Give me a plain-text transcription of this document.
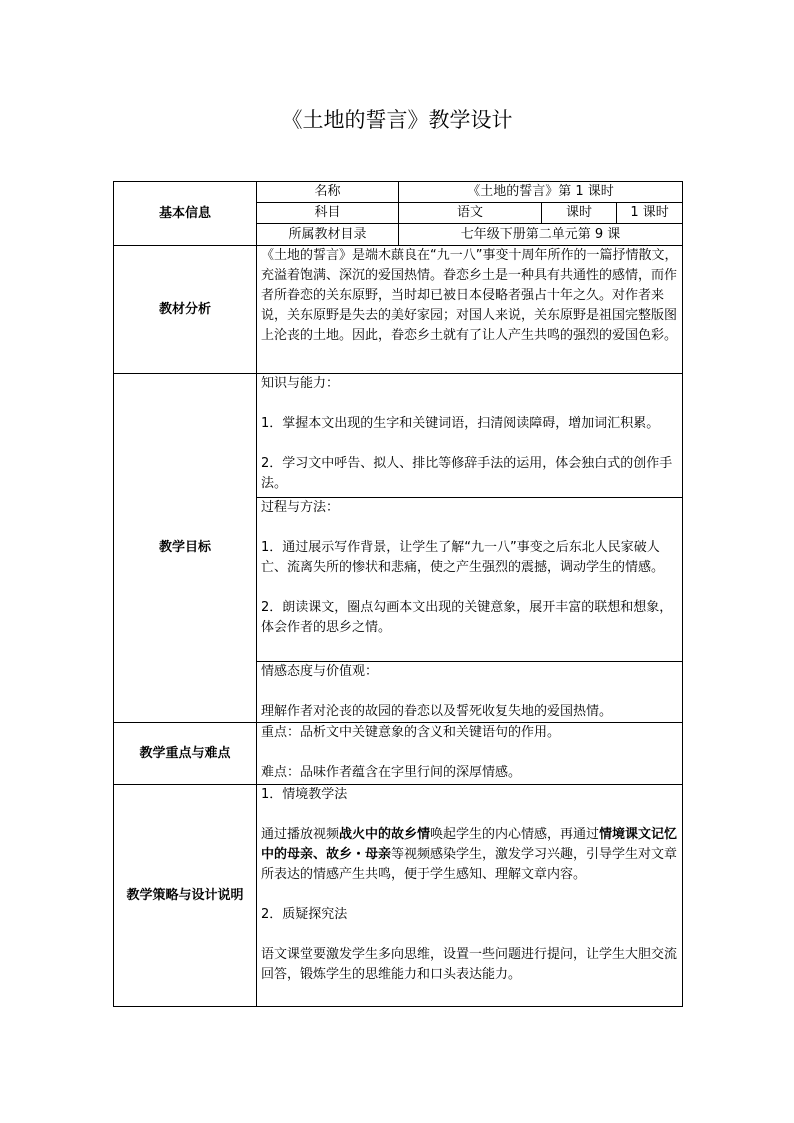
《土地的誓言》教学设计
基本信息	名称	《土地的誓言》第 1 课时		
	科目	语文	课时	1 课时
	所属教材目录	七年级下册第二单元第 9 课		
教材分析	《土地的誓言》是端木蕻良在“九一八”事变十周年所作的一篇抒情散文，充溢着饱满、深沉的爱国热情。眷恋乡土是一种具有共通性的感情，而作者所眷恋的关东原野，当时却已被日本侵略者强占十年之久。对作者来说，关东原野是失去的美好家园；对国人来说，关东原野是祖国完整版图上沦丧的土地。因此，眷恋乡土就有了让人产生共鸣的强烈的爱国色彩。			
教学目标	知识与能力：

1．掌握本文出现的生字和关键词语，扫清阅读障碍，增加词汇积累。

2．学习文中呼告、拟人、排比等修辞手法的运用，体会独白式的创作手法。			

	过程与方法：

1．通过展示写作背景，让学生了解“九一八”事变之后东北人民家破人亡、流离失所的惨状和悲痛，使之产生强烈的震撼，调动学生的情感。

2．朗读课文，圈点勾画本文出现的关键意象，展开丰富的联想和想象，体会作者的思乡之情。			

	情感态度与价值观：

理解作者对沦丧的故园的眷恋以及誓死收复失地的爱国热情。			

教学重点与难点	重点：品析文中关键意象的含义和关键语句的作用。

难点：品味作者蕴含在字里行间的深厚情感。			

教学策略与设计说明	1．情境教学法

通过播放视频战火中的故乡情唤起学生的内心情感，再通过情境课文记忆中的母亲、故乡・母亲等视频感染学生，激发学习兴趣，引导学生对文章所表达的情感产生共鸣，便于学生感知、理解文章内容。

2．质疑探究法

语文课堂要激发学生多向思维，设置一些问题进行提问，让学生大胆交流回答，锻炼学生的思维能力和口头表达能力。			
